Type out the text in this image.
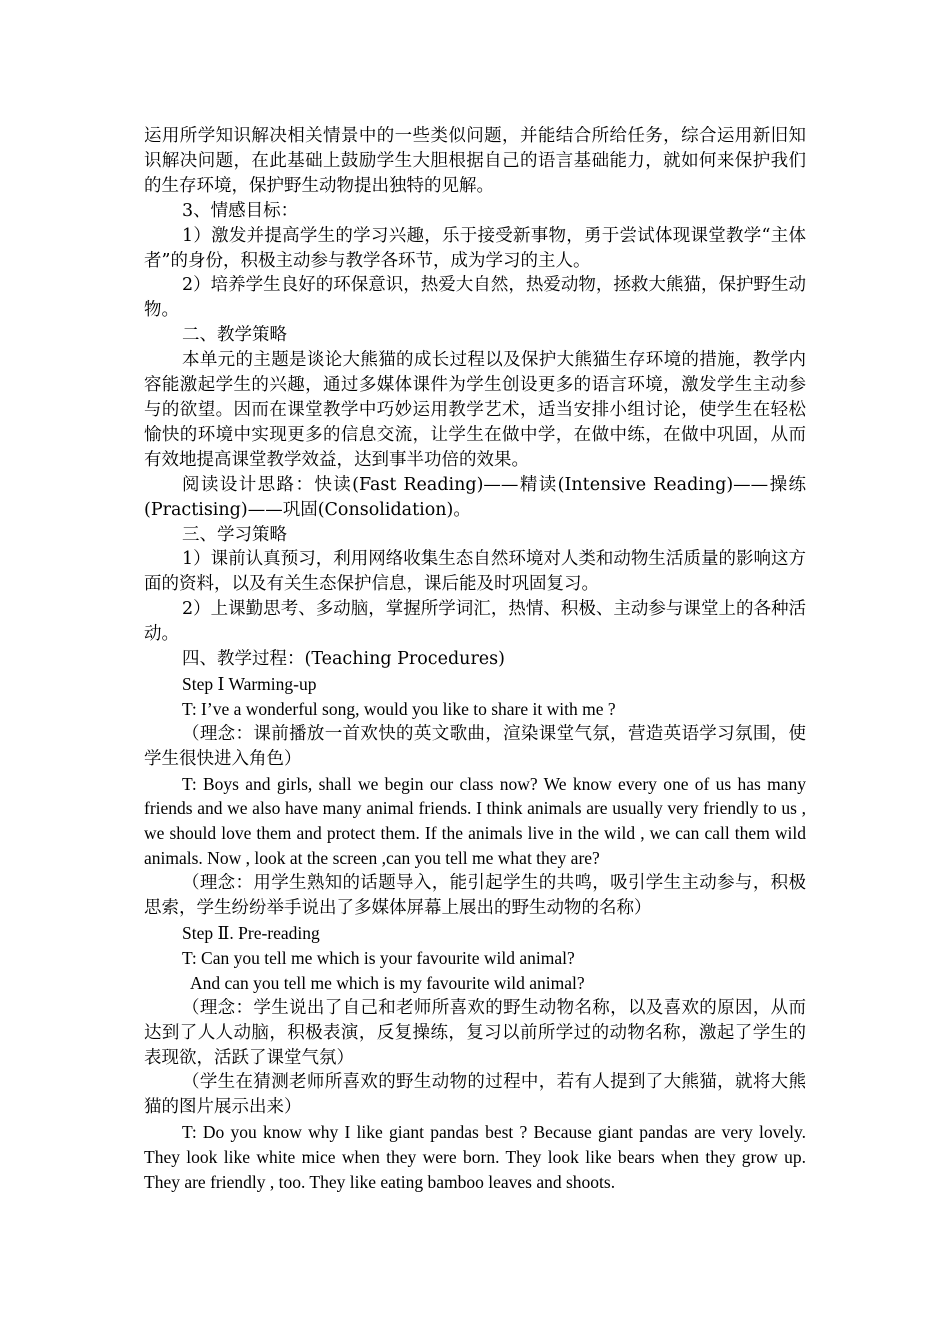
运用所学知识解决相关情景中的一些类似问题，并能结合所给任务，综合运用新旧知识解决问题，在此基础上鼓励学生大胆根据自己的语言基础能力，就如何来保护我们的生存环境，保护野生动物提出独特的见解。

3、情感目标：

1）激发并提高学生的学习兴趣，乐于接受新事物，勇于尝试体现课堂教学“主体者”的身份，积极主动参与教学各环节，成为学习的主人。

2）培养学生良好的环保意识，热爱大自然，热爱动物，拯救大熊猫，保护野生动物。

二、教学策略

本单元的主题是谈论大熊猫的成长过程以及保护大熊猫生存环境的措施，教学内容能激起学生的兴趣，通过多媒体课件为学生创设更多的语言环境，激发学生主动参与的欲望。因而在课堂教学中巧妙运用教学艺术，适当安排小组讨论，使学生在轻松愉快的环境中实现更多的信息交流，让学生在做中学，在做中练，在做中巩固，从而有效地提高课堂教学效益，达到事半功倍的效果。

阅读设计思路：快读(Fast Reading)——精读(Intensive Reading)——操练(Practising)——巩固(Consolidation)。

三、学习策略

1）课前认真预习，利用网络收集生态自然环境对人类和动物生活质量的影响这方面的资料，以及有关生态保护信息，课后能及时巩固复习。

2）上课勤思考、多动脑，掌握所学词汇，热情、积极、主动参与课堂上的各种活动。

四、教学过程：(Teaching Procedures)

Step Ⅰ Warming-up

T: I’ve a wonderful song, would you like to share it with me ?

（理念：课前播放一首欢快的英文歌曲，渲染课堂气氛，营造英语学习氛围，使学生很快进入角色）

T: Boys and girls, shall we begin our class now? We know every one of us has many friends and we also have many animal friends. I think animals are usually very friendly to us , we should love them and protect them. If the animals live in the wild , we can call them wild animals. Now , look at the screen ,can you tell me what they are?

（理念：用学生熟知的话题导入，能引起学生的共鸣，吸引学生主动参与，积极思索，学生纷纷举手说出了多媒体屏幕上展出的野生动物的名称）

Step Ⅱ. Pre-reading

T: Can you tell me which is your favourite wild animal?

And can you tell me which is my favourite wild animal?

（理念：学生说出了自己和老师所喜欢的野生动物名称，以及喜欢的原因，从而达到了人人动脑，积极表演，反复操练，复习以前所学过的动物名称，激起了学生的表现欲，活跃了课堂气氛）

（学生在猜测老师所喜欢的野生动物的过程中，若有人提到了大熊猫，就将大熊猫的图片展示出来）

T: Do you know why I like giant pandas best ? Because giant pandas are very lovely. They look like white mice when they were born. They look like bears when they grow up. They are friendly , too. They like eating bamboo leaves and shoots.
